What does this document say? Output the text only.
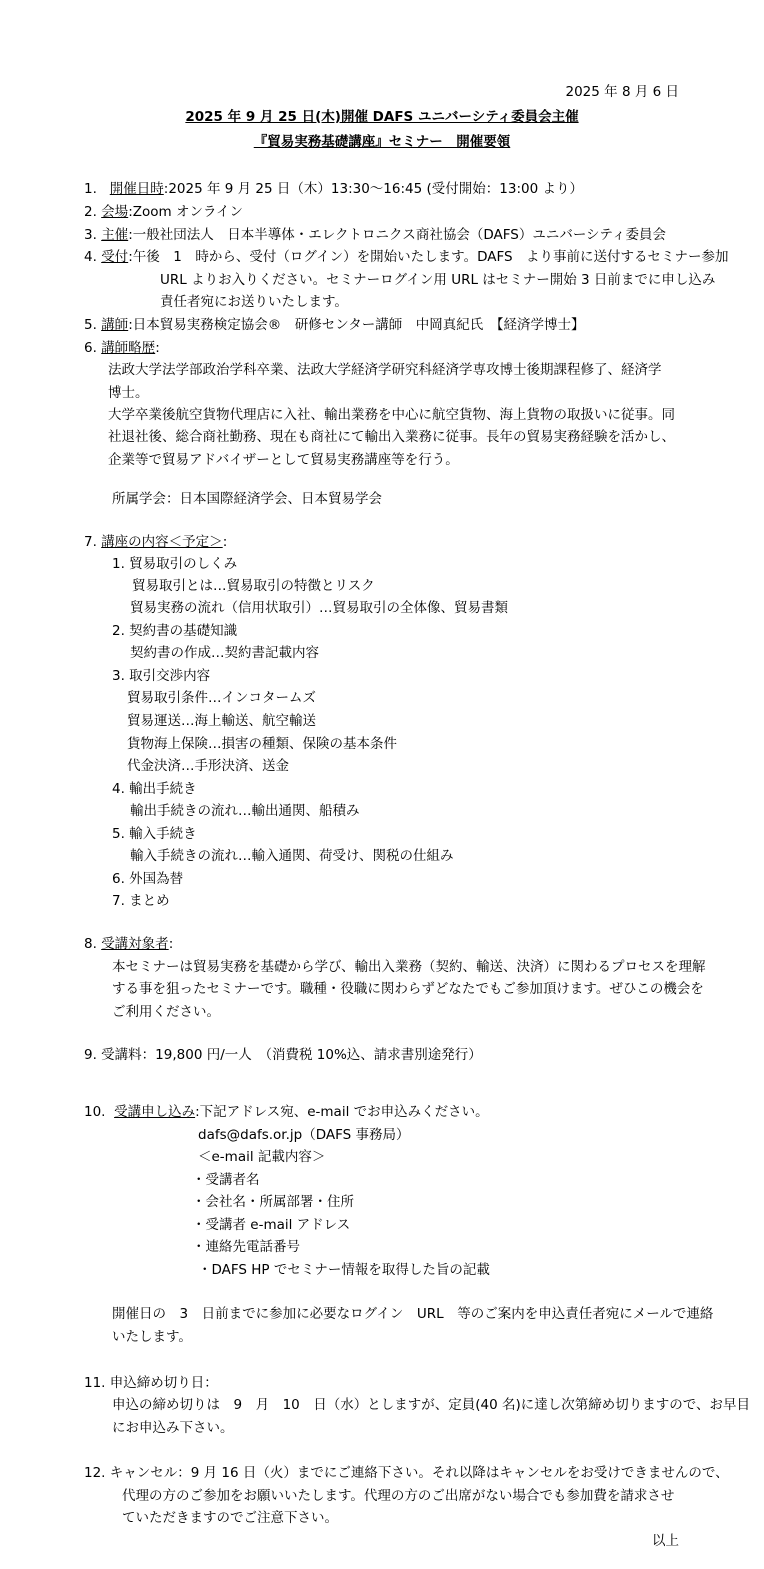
2025 年 8 月 6 日
2025 年 9 月 25 日(木)開催 DAFS ユニバーシティ委員会主催
『貿易実務基礎講座』セミナー　開催要領
1. 開催日時:2025 年 9 月 25 日（木）13:30～16:45 (受付開始：13:00 より）
2. 会場:Zoom オンライン
3. 主催:一般社団法人　日本半導体・エレクトロニクス商社協会（DAFS）ユニバーシティ委員会
4. 受付:午後　1　時から、受付（ログイン）を開始いたします。DAFS　より事前に送付するセミナー参加
URL よりお入りください。セミナーログイン用 URL はセミナー開始 3 日前までに申し込み
責任者宛にお送りいたします。
5. 講師:日本貿易実務検定協会®　研修センター講師　中岡真紀氏　【経済学博士】
6. 講師略歴:
法政大学法学部政治学科卒業、法政大学経済学研究科経済学専攻博士後期課程修了、経済学
博士。
大学卒業後航空貨物代理店に入社、輸出業務を中心に航空貨物、海上貨物の取扱いに従事。同
社退社後、総合商社勤務、現在も商社にて輸出入業務に従事。長年の貿易実務経験を活かし、
企業等で貿易アドバイザーとして貿易実務講座等を行う。
所属学会：日本国際経済学会、日本貿易学会
7. 講座の内容＜予定＞:
1. 貿易取引のしくみ
貿易取引とは…貿易取引の特徴とリスク
貿易実務の流れ（信用状取引）…貿易取引の全体像、貿易書類
2. 契約書の基礎知識
契約書の作成…契約書記載内容
3. 取引交渉内容
貿易取引条件…インコタームズ
貿易運送…海上輸送、航空輸送
貨物海上保険…損害の種類、保険の基本条件
代金決済…手形決済、送金
4. 輸出手続き
輸出手続きの流れ…輸出通関、船積み
5. 輸入手続き
輸入手続きの流れ…輸入通関、荷受け、関税の仕組み
6. 外国為替
7. まとめ
8. 受講対象者:
本セミナーは貿易実務を基礎から学び、輸出入業務（契約、輸送、決済）に関わるプロセスを理解
する事を狙ったセミナーです。職種・役職に関わらずどなたでもご参加頂けます。ぜひこの機会を
ご利用ください。
9. 受講料：19,800 円/一人　（消費税 10%込、請求書別途発行）
10. 受講申し込み:下記アドレス宛、e-mail でお申込みください。
dafs@dafs.or.jp（DAFS 事務局）
＜e-mail 記載内容＞
・受講者名
・会社名・所属部署・住所
・受講者 e-mail アドレス
・連絡先電話番号
・DAFS HP でセミナー情報を取得した旨の記載
開催日の　3　日前までに参加に必要なログイン　URL　等のご案内を申込責任者宛にメールで連絡
いたします。
11. 申込締め切り日：
申込の締め切りは　9　月　10　日（水）としますが、定員(40 名)に達し次第締め切りますので、お早目
にお申込み下さい。
12. キャンセル：9 月 16 日（火）までにご連絡下さい。それ以降はキャンセルをお受けできませんので、
代理の方のご参加をお願いいたします。代理の方のご出席がない場合でも参加費を請求させ
ていただきますのでご注意下さい。
以上
